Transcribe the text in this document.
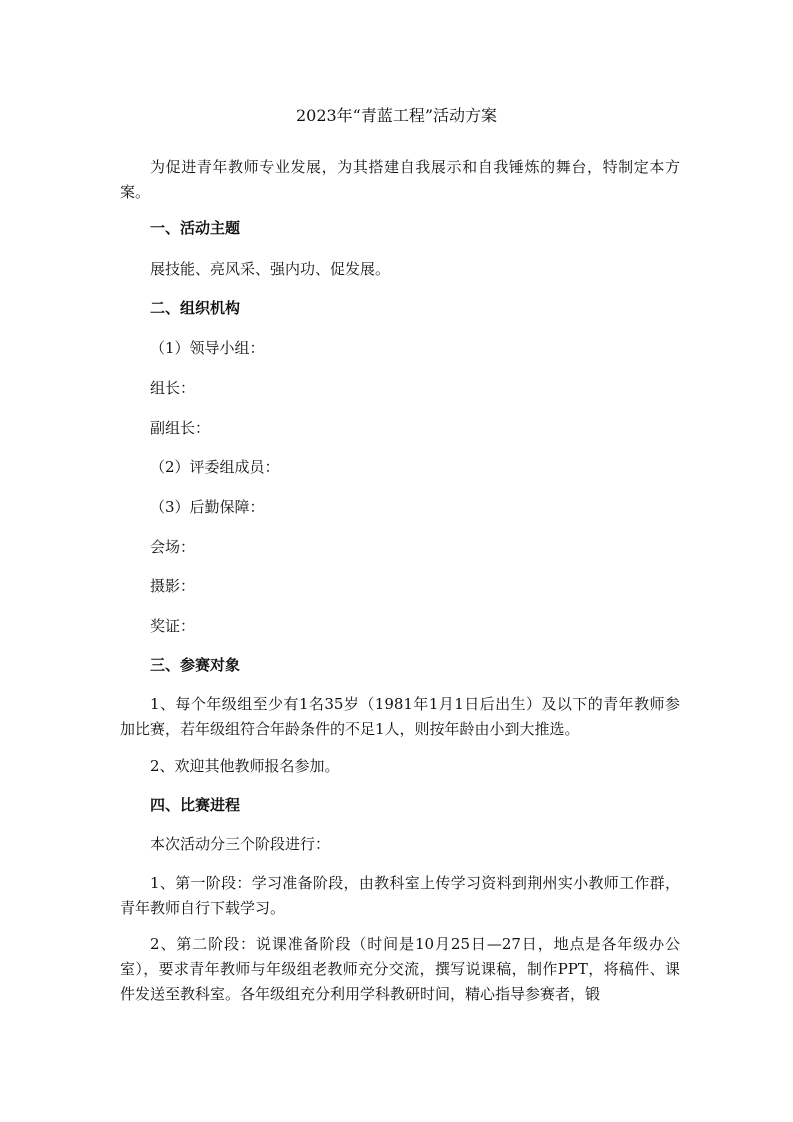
2023年“青蓝工程”活动方案

为促进青年教师专业发展，为其搭建自我展示和自我锤炼的舞台，特制定本方案。

一、活动主题

展技能、亮风采、强内功、促发展。

二、组织机构

（1）领导小组：

组长：

副组长：

（2）评委组成员：

（3）后勤保障：

会场：

摄影：

奖证：

三、参赛对象

1、每个年级组至少有1名35岁（1981年1月1日后出生）及以下的青年教师参加比赛，若年级组符合年龄条件的不足1人，则按年龄由小到大推选。

2、欢迎其他教师报名参加。

四、比赛进程

本次活动分三个阶段进行：

1、第一阶段：学习准备阶段，由教科室上传学习资料到荆州实小教师工作群，青年教师自行下载学习。

2、第二阶段：说课准备阶段（时间是10月25日—27日，地点是各年级办公室），要求青年教师与年级组老教师充分交流，撰写说课稿，制作PPT，将稿件、课件发送至教科室。各年级组充分利用学科教研时间，精心指导参赛者，锻
